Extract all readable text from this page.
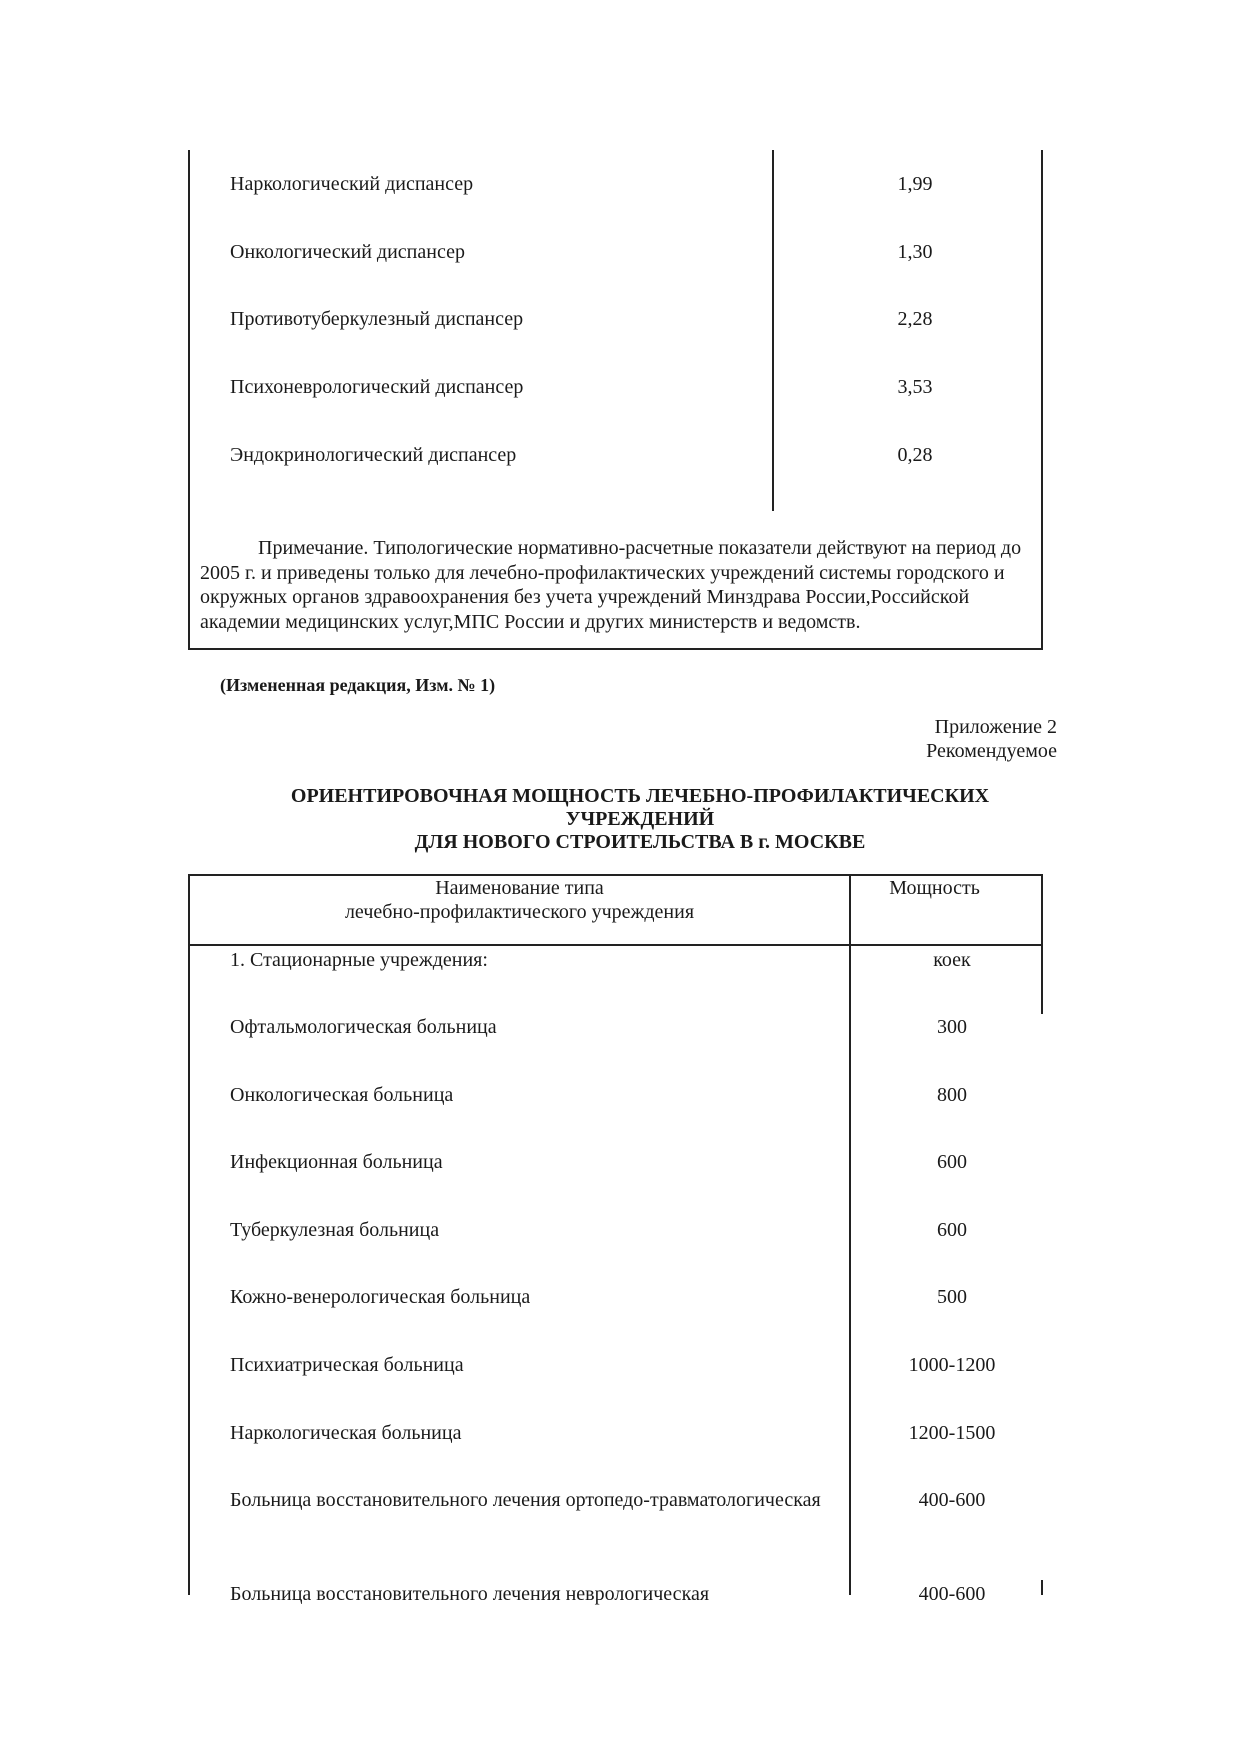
Наркологический диспансер	1,99
Онкологический диспансер	1,30
Противотуберкулезный диспансер	2,28
Психоневрологический диспансер	3,53
Эндокринологический диспансер	0,28
Примечание. Типологические нормативно-расчетные показатели действуют на период до 2005 г. и приведены только для лечебно-профилактических учреждений системы городского и окружных органов здравоохранения без учета учреждений Минздрава России,Российской академии медицинских услуг,МПС России и других министерств и ведомств.
(Измененная редакция, Изм. № 1)
Приложение 2
Рекомендуемое
ОРИЕНТИРОВОЧНАЯ МОЩНОСТЬ ЛЕЧЕБНО-ПРОФИЛАКТИЧЕСКИХ
УЧРЕЖДЕНИЙ
ДЛЯ НОВОГО СТРОИТЕЛЬСТВА В г. МОСКВЕ
Наименование типа
лечебно-профилактического учреждения
Мощность
1. Стационарные учреждения:	коек
Офтальмологическая больница	300
Онкологическая больница	800
Инфекционная больница	600
Туберкулезная больница	600
Кожно-венерологическая больница	500
Психиатрическая больница	1000-1200
Наркологическая больница	1200-1500
Больница восстановительного лечения ортопедо-травматологическая	400-600
Больница восстановительного лечения неврологическая	400-600
